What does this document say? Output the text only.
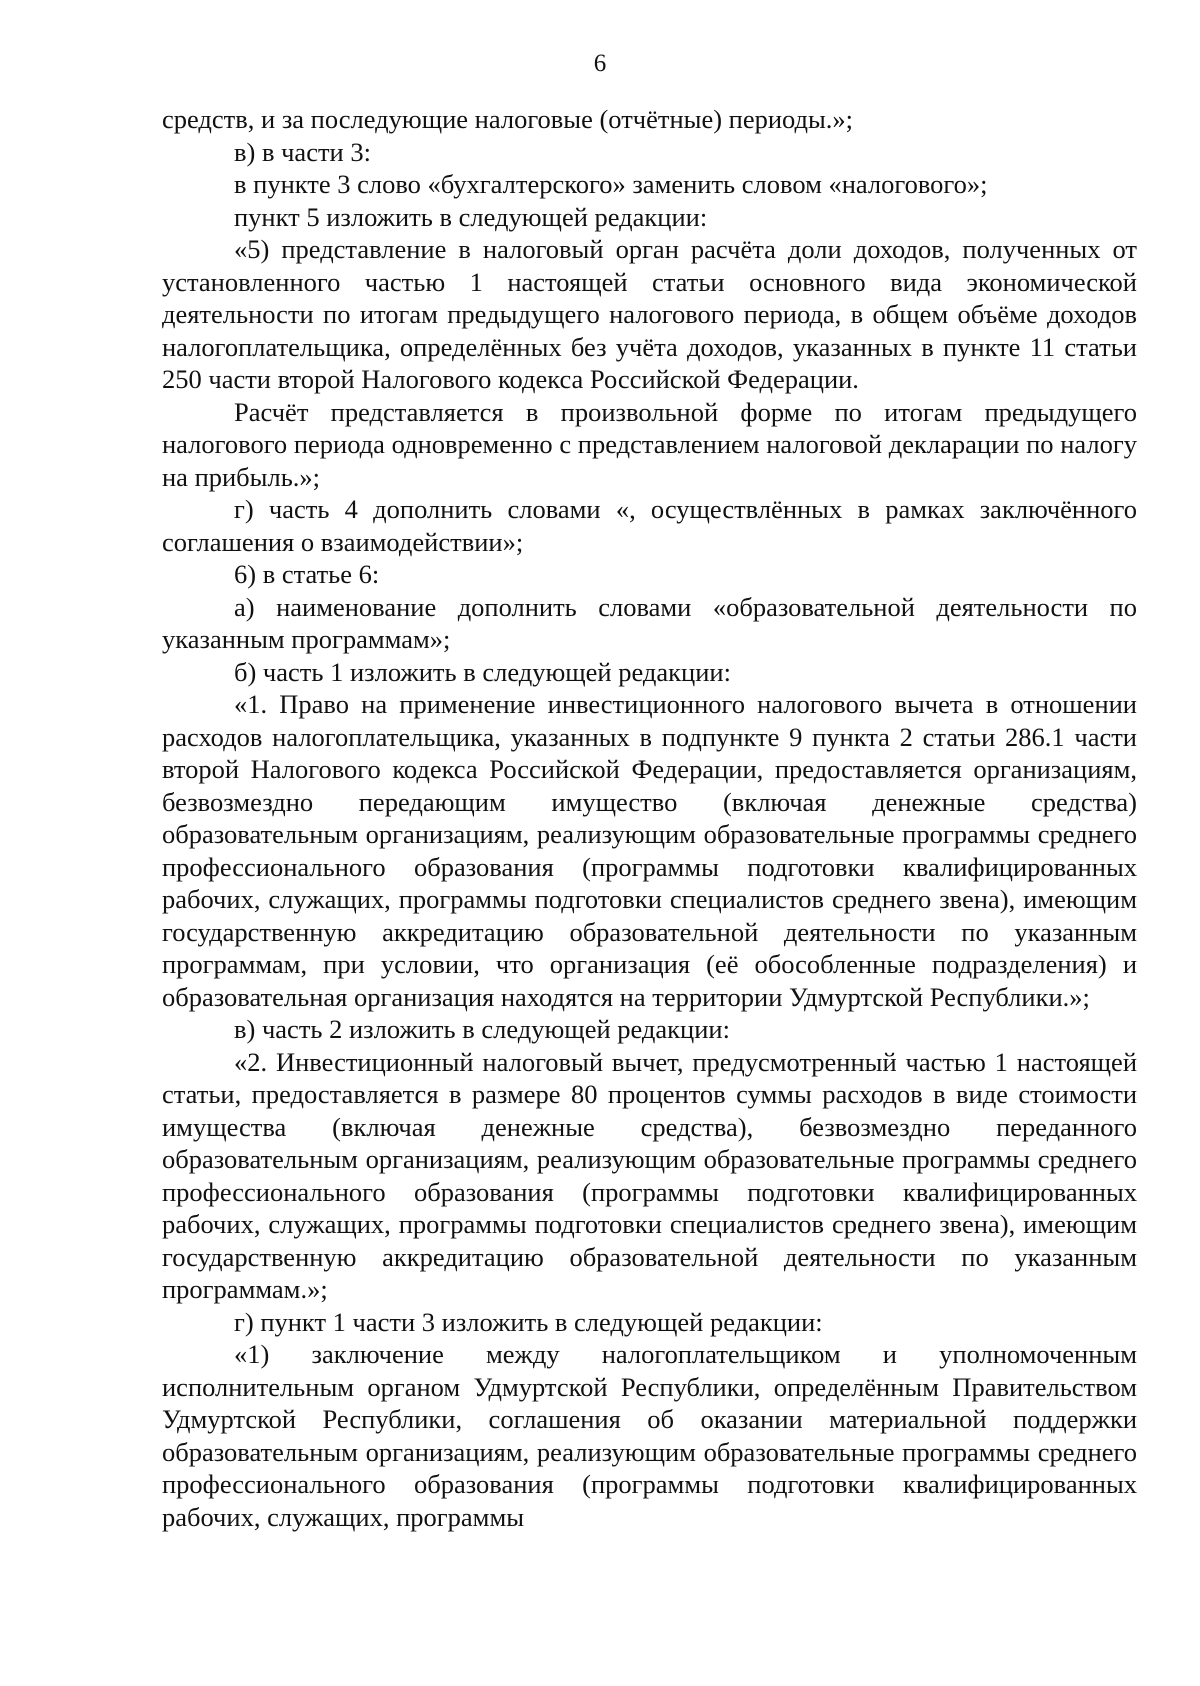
6

средств, и за последующие налоговые (отчётные) периоды.»;

в) в части 3:

в пункте 3 слово «бухгалтерского» заменить словом «налогового»;

пункт 5 изложить в следующей редакции:

«5) представление в налоговый орган расчёта доли доходов, полученных от установленного частью 1 настоящей статьи основного вида экономической деятельности по итогам предыдущего налогового периода, в общем объёме доходов налогоплательщика, определённых без учёта доходов, указанных в пункте 11 статьи 250 части второй Налогового кодекса Российской Федерации.

Расчёт представляется в произвольной форме по итогам предыдущего налогового периода одновременно с представлением налоговой декларации по налогу на прибыль.»;

г) часть 4 дополнить словами «, осуществлённых в рамках заключённого соглашения о взаимодействии»;

6) в статье 6:

а) наименование дополнить словами «образовательной деятельности по указанным программам»;

б) часть 1 изложить в следующей редакции:

«1. Право на применение инвестиционного налогового вычета в отношении расходов налогоплательщика, указанных в подпункте 9 пункта 2 статьи 286.1 части второй Налогового кодекса Российской Федерации, предоставляется организациям, безвозмездно передающим имущество (включая денежные средства) образовательным организациям, реализующим образовательные программы среднего профессионального образования (программы подготовки квалифицированных рабочих, служащих, программы подготовки специалистов среднего звена), имеющим государственную аккредитацию образовательной деятельности по указанным программам, при условии, что организация (её обособленные подразделения) и образовательная организация находятся на территории Удмуртской Республики.»;

в) часть 2 изложить в следующей редакции:

«2. Инвестиционный налоговый вычет, предусмотренный частью 1 настоящей статьи, предоставляется в размере 80 процентов суммы расходов в виде стоимости имущества (включая денежные средства), безвозмездно переданного образовательным организациям, реализующим образовательные программы среднего профессионального образования (программы подготовки квалифицированных рабочих, служащих, программы подготовки специалистов среднего звена), имеющим государственную аккредитацию образовательной деятельности по указанным программам.»;

г) пункт 1 части 3 изложить в следующей редакции:

«1) заключение между налогоплательщиком и уполномоченным исполнительным органом Удмуртской Республики, определённым Правительством Удмуртской Республики, соглашения об оказании материальной поддержки образовательным организациям, реализующим образовательные программы среднего профессионального образования (программы подготовки квалифицированных рабочих, служащих, программы
